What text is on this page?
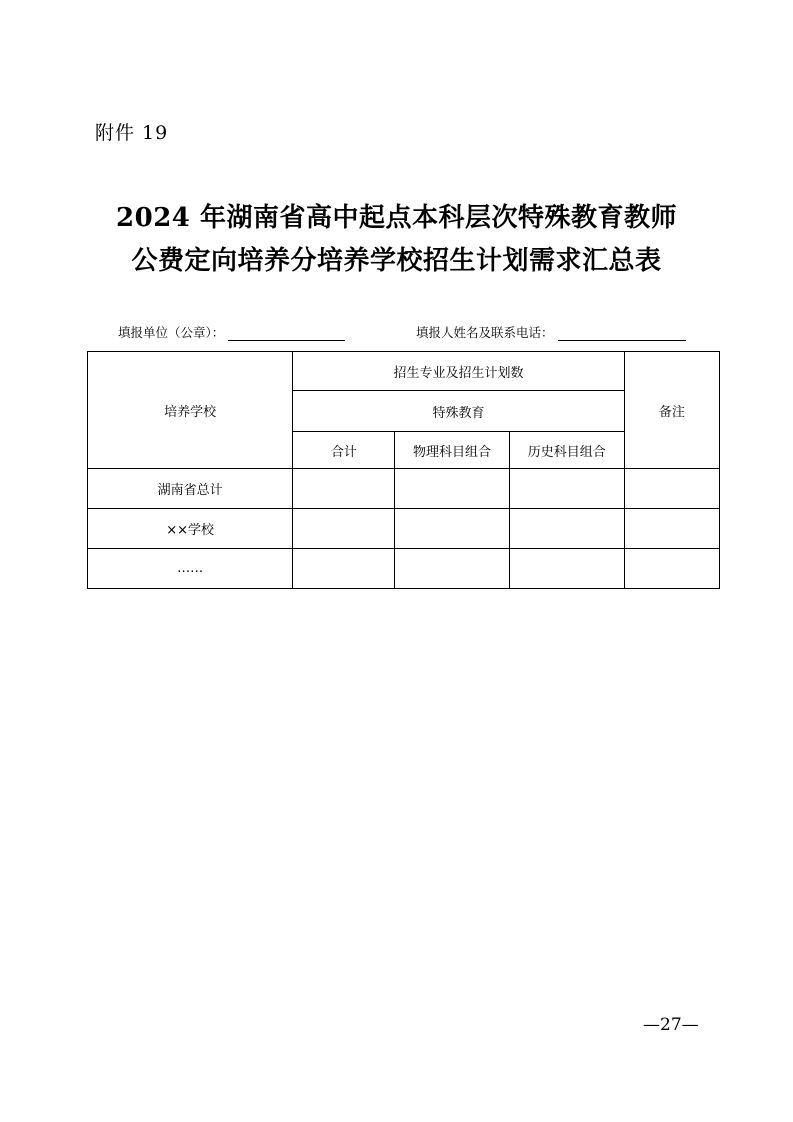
附件 19
2024 年湖南省高中起点本科层次特殊教育教师
公费定向培养分培养学校招生计划需求汇总表
填报单位（公章）：	填报人姓名及联系电话：
培养学校	招生专业及招生计划数			备注
	特殊教育			
	合计	物理科目组合	历史科目组合	
湖南省总计				
××学校				
……				
—27—
